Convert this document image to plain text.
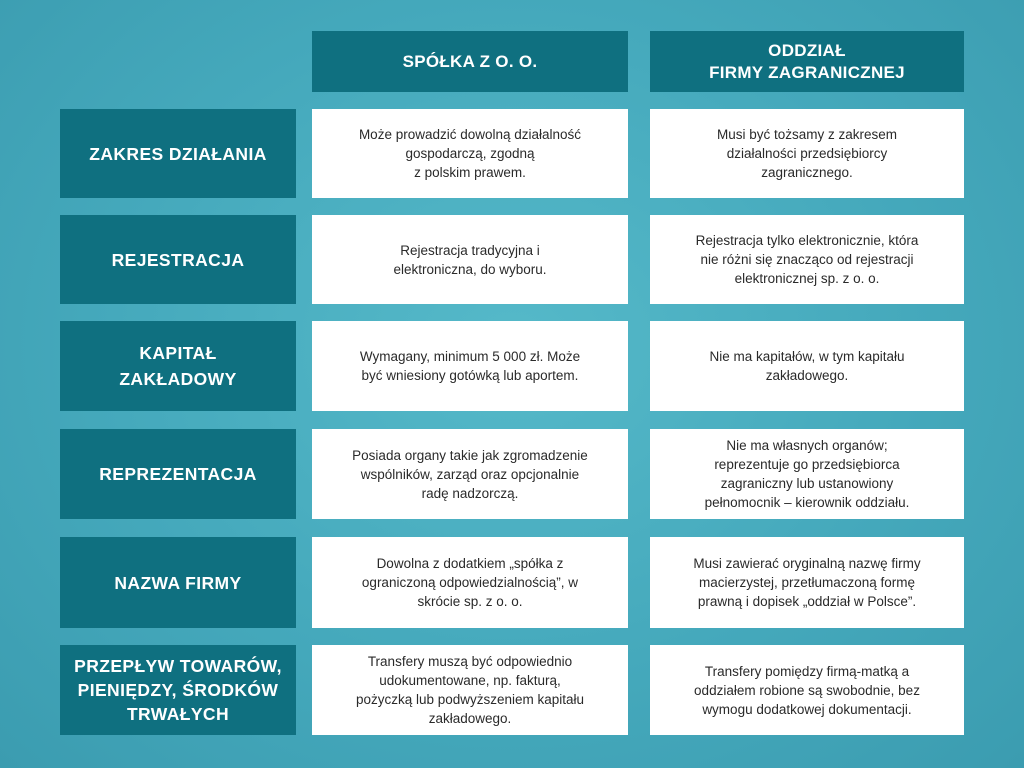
SPÓŁKA Z O. O.
ODDZIAŁ
FIRMY ZAGRANICZNEJ
ZAKRES DZIAŁANIA
Może prowadzić dowolną działalność
gospodarczą, zgodną
z polskim prawem.
Musi być tożsamy z zakresem
działalności przedsiębiorcy
zagranicznego.
REJESTRACJA	Rejestracja tradycyjna i
elektroniczna, do wyboru.
Rejestracja tylko elektronicznie, która
nie różni się znacząco od rejestracji
elektronicznej sp. z o. o.
KAPITAŁ
ZAKŁADOWY
Wymagany, minimum 5 000 zł. Może
być wniesiony gotówką lub aportem.
Nie ma kapitałów, w tym kapitału
zakładowego.
REPREZENTACJA
Posiada organy takie jak zgromadzenie
wspólników, zarząd oraz opcjonalnie
radę nadzorczą.
Nie ma własnych organów;
reprezentuje go przedsiębiorca
zagraniczny lub ustanowiony
pełnomocnik – kierownik oddziału.
NAZWA FIRMY
Dowolna z dodatkiem „spółka z
ograniczoną odpowiedzialnością”, w
skrócie sp. z o. o.
Musi zawierać oryginalną nazwę firmy
macierzystej, przetłumaczoną formę
prawną i dopisek „oddział w Polsce”.
PRZEPŁYW TOWARÓW,
PIENIĘDZY, ŚRODKÓW
TRWAŁYCH
Transfery muszą być odpowiednio
udokumentowane, np. fakturą,
pożyczką lub podwyższeniem kapitału
zakładowego.
Transfery pomiędzy firmą-matką a
oddziałem robione są swobodnie, bez
wymogu dodatkowej dokumentacji.
